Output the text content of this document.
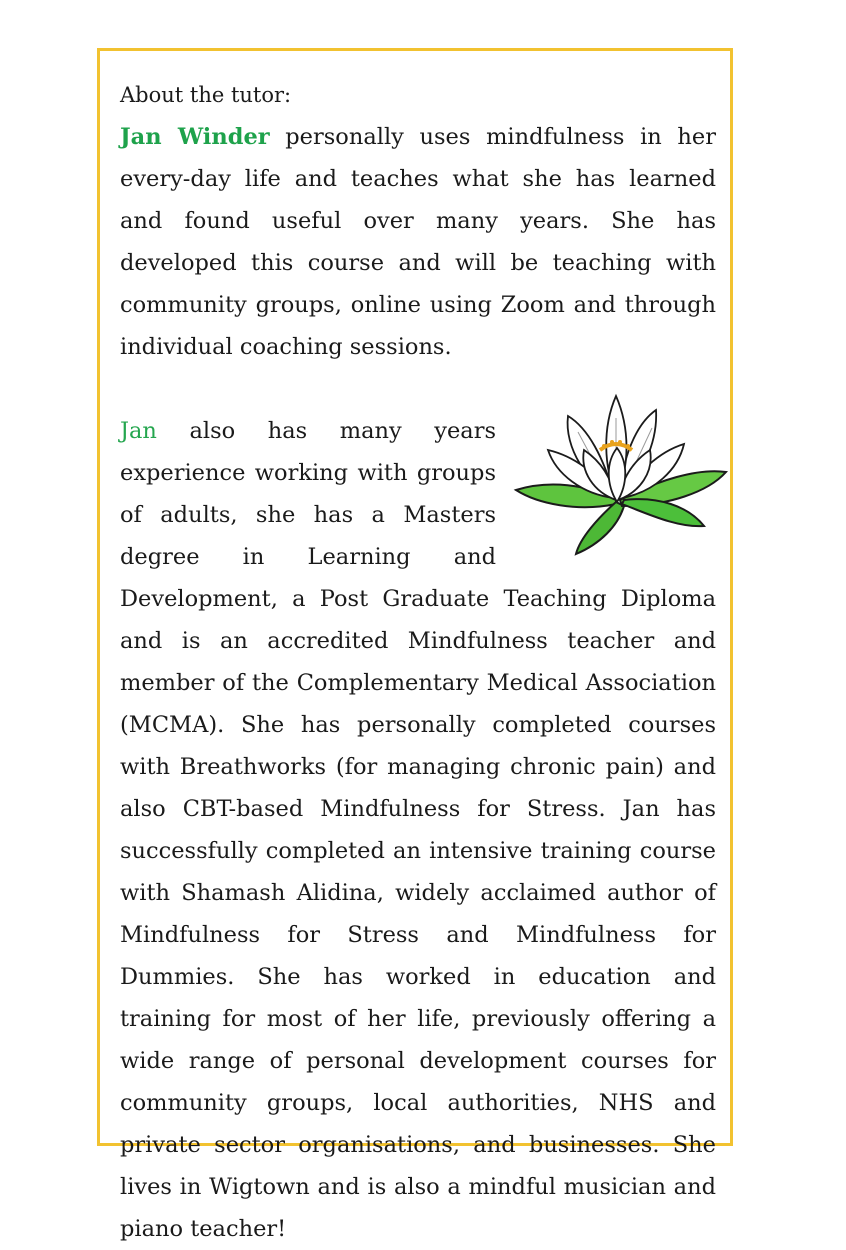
About the tutor:

Jan Winder personally uses mindfulness in her every-day life and teaches what she has learned and found useful over many years. She has developed this course and will be teaching with community groups, online using Zoom and through individual coaching sessions.

Jan also has many years experience working with groups of adults, she has a Masters degree in Learning and Development, a Post Graduate Teaching Diploma and is an accredited Mindfulness teacher and member of the Complementary Medical Association (MCMA). She has personally completed courses with Breathworks (for managing chronic pain) and also CBT-based Mindfulness for Stress. Jan has successfully completed an intensive training course with Shamash Alidina, widely acclaimed author of Mindfulness for Stress and Mindfulness for Dummies. She has worked in education and training for most of her life, previously offering a wide range of personal development courses for community groups, local authorities, NHS and private sector organisations, and businesses. She lives in Wigtown and is also a mindful musician and piano teacher!
